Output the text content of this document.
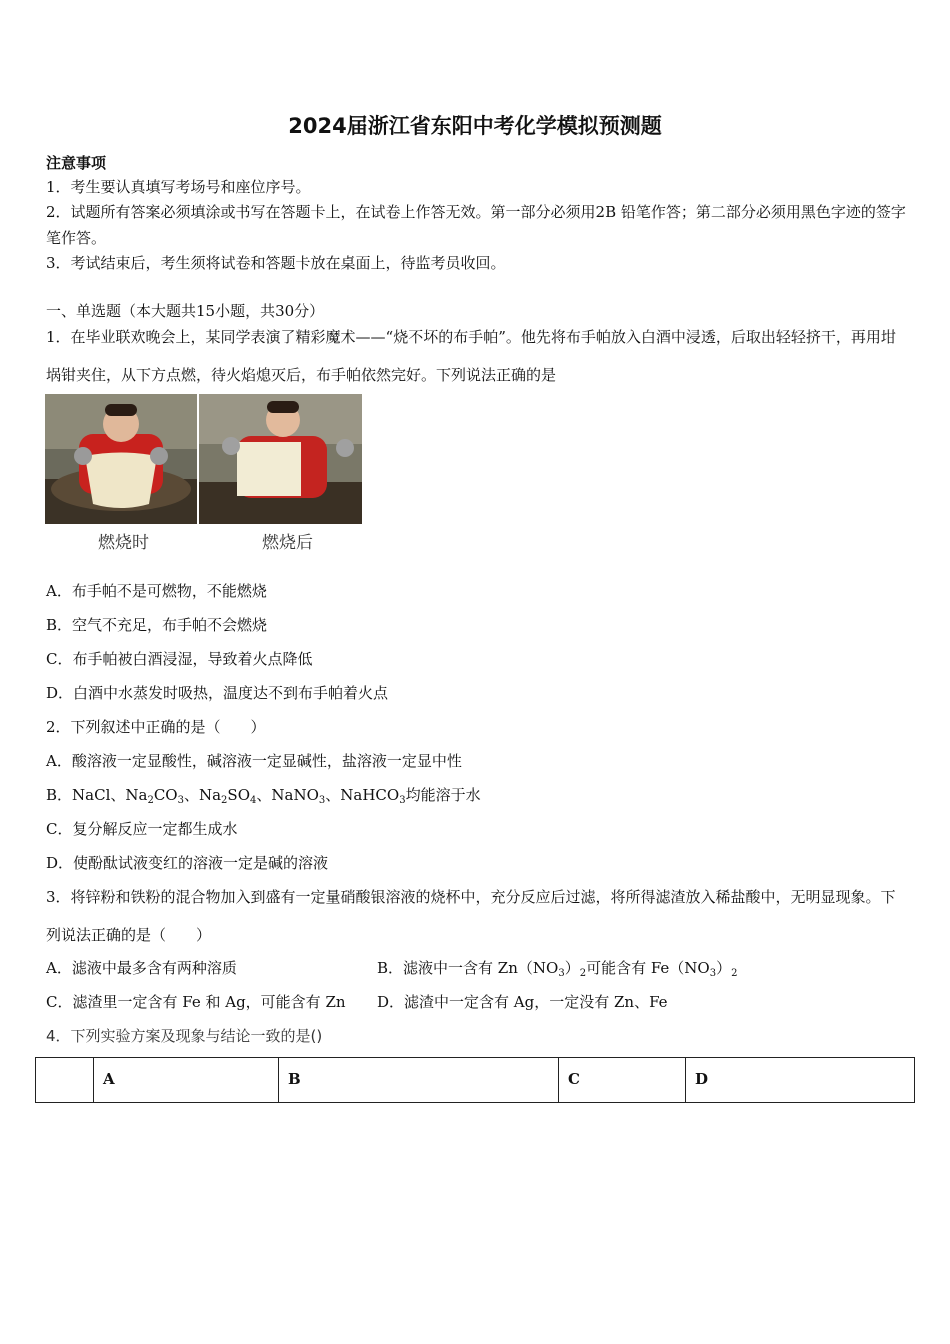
2024届浙江省东阳中考化学模拟预测题
注意事项
1．考生要认真填写考场号和座位序号。
2．试题所有答案必须填涂或书写在答题卡上，在试卷上作答无效。第一部分必须用2B 铅笔作答；第二部分必须用黑色字迹的签字笔作答。
3．考试结束后，考生须将试卷和答题卡放在桌面上，待监考员收回。
一、单选题（本大题共15小题，共30分）
1．在毕业联欢晚会上，某同学表演了精彩魔术——“烧不坏的布手帕”。他先将布手帕放入白酒中浸透，后取出轻轻挤干，再用坩埚钳夹住，从下方点燃，待火焰熄灭后，布手帕依然完好。下列说法正确的是
燃烧时	燃烧后
A．布手帕不是可燃物，不能燃烧
B．空气不充足，布手帕不会燃烧
C．布手帕被白酒浸湿，导致着火点降低
D．白酒中水蒸发时吸热，温度达不到布手帕着火点
2．下列叙述中正确的是（　　）
A．酸溶液一定显酸性，碱溶液一定显碱性，盐溶液一定显中性
B．NaCl、$Na_2CO_3$、$Na_2SO_4$、NaNO$_3$、NaHCO$_3$均能溶于水
C．复分解反应一定都生成水
D．使酚酞试液变红的溶液一定是碱的溶液
3．将锌粉和铁粉的混合物加入到盛有一定量硝酸银溶液的烧杯中，充分反应后过滤，将所得滤渣放入稀盐酸中，无明显现象。下列说法正确的是（　　）
A．滤液中最多含有两种溶质	B．滤液中一含有 $Zn(NO_3)_2$可能含有 $Fe(NO_3)_2$
C．滤渣里一定含有 Fe 和 Ag，可能含有 Zn D．滤渣中一定含有 Ag，一定没有 Zn、Fe
4．下列实验方案及现象与结论一致的是()
	A	B	C	D
